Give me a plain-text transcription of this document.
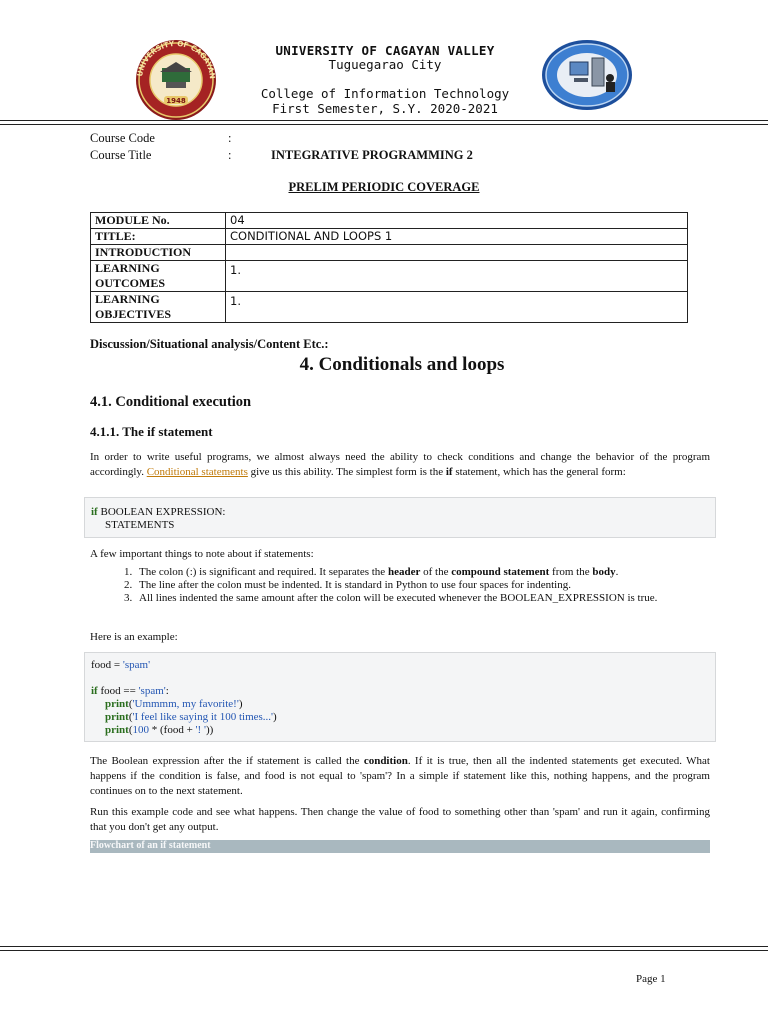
UNIVERSITY OF CAGAYAN
1948
UNIVERSITY OF CAGAYAN VALLEY
Tuguegarao City
College of Information Technology
First Semester, S.Y. 2020-2021
Course Code	:
Course Title	:	INTEGRATIVE PROGRAMMING 2
PRELIM PERIODIC COVERAGE
MODULE No.	04
TITLE:	CONDITIONAL AND LOOPS 1
INTRODUCTION	
LEARNING OUTCOMES	1.
LEARNING OBJECTIVES	1.
Discussion/Situational analysis/Content Etc.:
4. Conditionals and loops
4.1. Conditional execution
4.1.1. The if statement
In order to write useful programs, we almost always need the ability to check conditions and change the behavior of the program accordingly. Conditional statements give us this ability. The simplest form is the if statement, which has the general form:
if BOOLEAN EXPRESSION:
STATEMENTS
A few important things to note about if statements:
1. The colon (:) is significant and required. It separates the header of the compound statement from the body.
2. The line after the colon must be indented. It is standard in Python to use four spaces for indenting.
3. All lines indented the same amount after the colon will be executed whenever the BOOLEAN_EXPRESSION is true.
Here is an example:
food = 'spam'
if food == 'spam':
print('Ummmm, my favorite!')
print('I feel like saying it 100 times...')
print(100 * (food + '! '))
The Boolean expression after the if statement is called the condition. If it is true, then all the indented statements get executed. What happens if the condition is false, and food is not equal to 'spam'? In a simple if statement like this, nothing happens, and the program continues on to the next statement.
Run this example code and see what happens. Then change the value of food to something other than 'spam' and run it again, confirming that you don't get any output.
Flowchart of an if statement
Page 1
